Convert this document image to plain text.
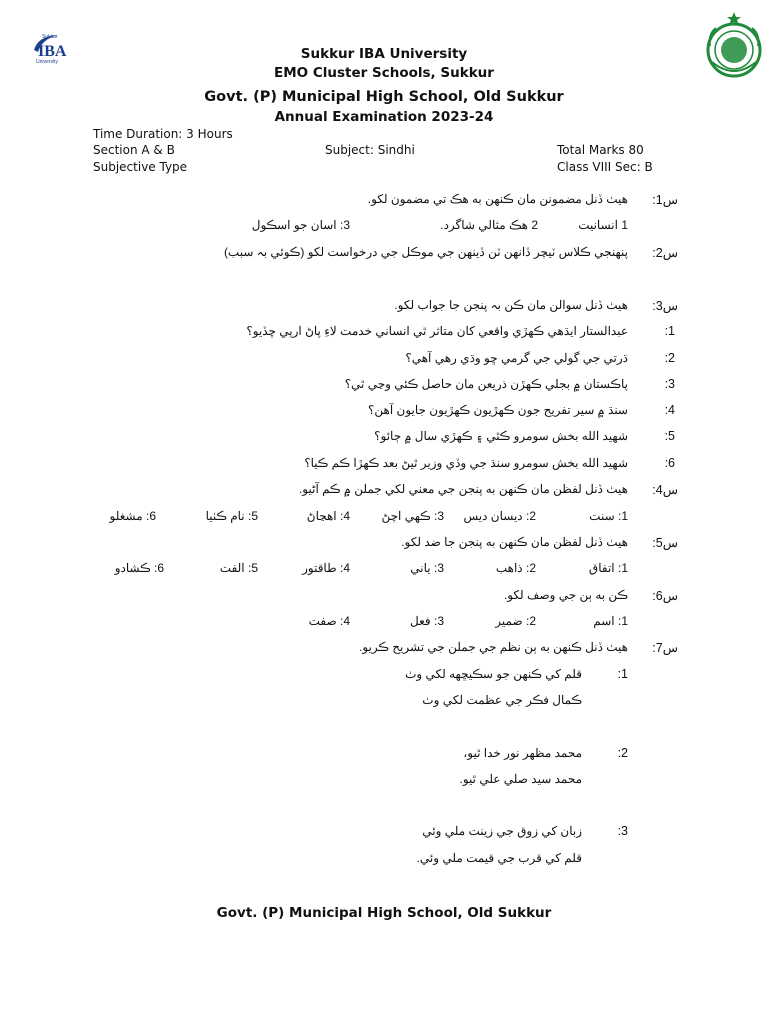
Sukkur
IBA
University	Sukkur IBA University
EMO Cluster Schools, Sukkur
Govt. (P) Municipal High School, Old Sukkur
Annual Examination 2023-24
Time Duration: 3 Hours
Section A & B
Subjective Type
Subject: Sindhi	Total Marks 80
Class VIII Sec: B
س1:
هيٺ ڏنل مضمونن مان ڪنهن به هڪ تي مضمون لکو.
1 انسانيت
2 هڪ مثالي شاگرد.
3: اسان جو اسڪول
س2:
پنهنجي ڪلاس ٽيچر ڏانهن ٽن ڏينهن جي موڪل جي درخواست لکو (ڪوئي بہ سبب)
س3:
هيٺ ڏنل سوالن مان ڪن بہ پنجن جا جواب لکو.
1:
عبدالستار ايڌهي ڪهڙي واقعي کان متاثر ٿي انساني خدمت لاءِ پاڻ ارپي ڇڏيو؟
2:
ڌرتي جي گولي جي گرمي ڇو وڌي رهي آهي؟
3:
پاڪستان ۾ بجلي ڪهڙن ذريعن مان حاصل ڪئي وڃي ٿي؟
4:
سنڌ ۾ سير تفريح جون ڪهڙيون ڪهڙيون جايون آهن؟
5:
شهيد الله بخش سومرو ڪٿي ۽ ڪهڙي سال ۾ ڄائو؟
6:
شهيد الله بخش سومرو سنڌ جي وڏي وزير ٿيڻ بعد ڪهڙا ڪم ڪيا؟
س4:
هيٺ ڏنل لفظن مان ڪنهن به پنجن جي معني لکي جملن ۾ ڪم آڻيو.
1: سنت
2: ديسان ديس
3: ڪهي اچڻ
4: اهڃاڻ
5: نام ڪٺيا
6: مشغلو
س5:
هيٺ ڏنل لفظن مان ڪنهن به پنجن جا ضد لکو.
1: اتفاق
2: ذاهب
3: ياني
4: طاقتور
5: الفت
6: ڪشادو
س6:
ڪن به ٻن جي وصف لکو.
1: اسم
2: ضمير
3: فعل
4: صفت
س7:
هيٺ ڏنل ڪنهن به ٻن نظم جي جملن جي تشريح ڪريو.
1:
قلم کي ڪنهن جو سڪيڇهه لکي وٺ
ڪمال فڪر جي عظمت لکي وٺ
2:
محمد مظهر نور خدا ٿيو،
محمد سيد صلي علي ٿيو.
3:
زبان کي زوق جي زينت ملي وئي
قلم کي قرب جي قيمت ملي وئي.
Govt. (P) Municipal High School, Old Sukkur
